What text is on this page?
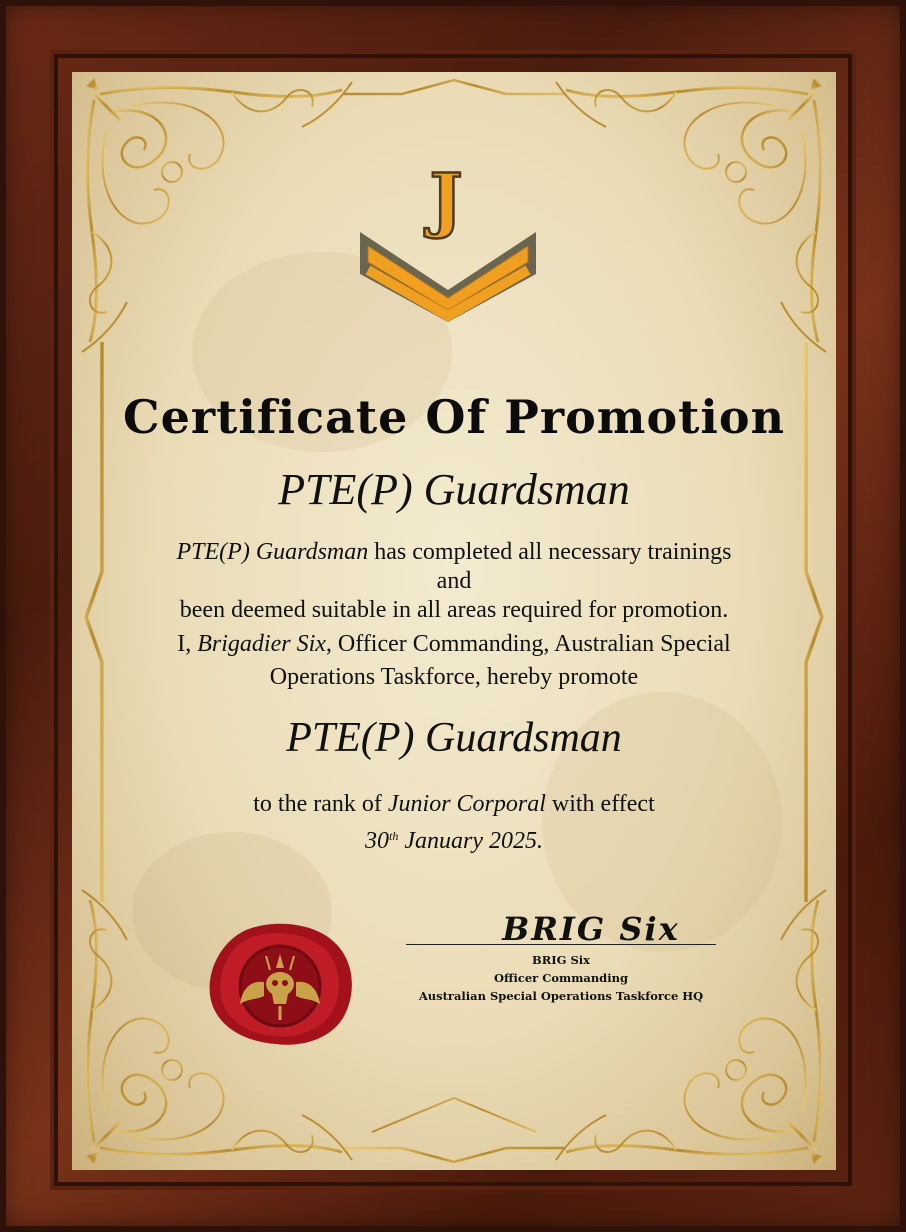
J
Certificate Of Promotion
PTE(P) Guardsman
PTE(P) Guardsman has completed all necessary trainings
and
been deemed suitable in all areas required for promotion.
I, Brigadier Six, Officer Commanding, Australian Special
Operations Taskforce, hereby promote
PTE(P) Guardsman
to the rank of Junior Corporal with effect
30th January 2025.
BRIG Six
BRIG Six
Officer Commanding
Australian Special Operations Taskforce HQ
